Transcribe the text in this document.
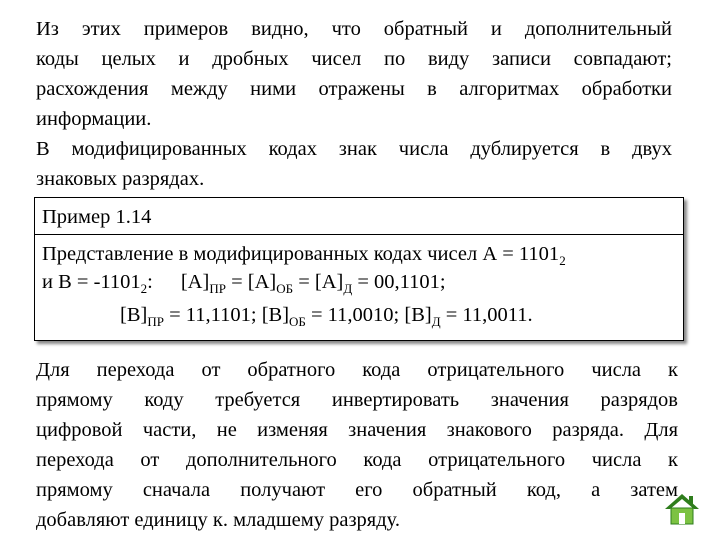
Из этих примеров видно, что обратный и дополнительный
коды целых и дробных чисел по виду записи совпадают;
расхождения между ними отражены в алгоритмах обработки
информации.
В модифицированных кодах знак числа дублируется в двух
знаковых разрядах.
Пример 1.14
Представление в модифицированных кодах чисел $А = 1101_2$
и $В = -1101_2$: $[А]_{ПР} = [А]_{ОБ} = [А]_Д = 00,1101$;
$[B]_{ПР} = 11,1101$; $[B]_{ОБ} = 11,0010$; $[B]_Д = 11,0011$.
Для перехода от обратного кода отрицательного числа к
прямому коду требуется инвертировать значения разрядов
цифровой части, не изменяя значения знакового разряда. Для
перехода от дополнительного кода отрицательного числа к
прямому сначала получают его обратный код, а затем
добавляют единицу к. младшему разряду.
